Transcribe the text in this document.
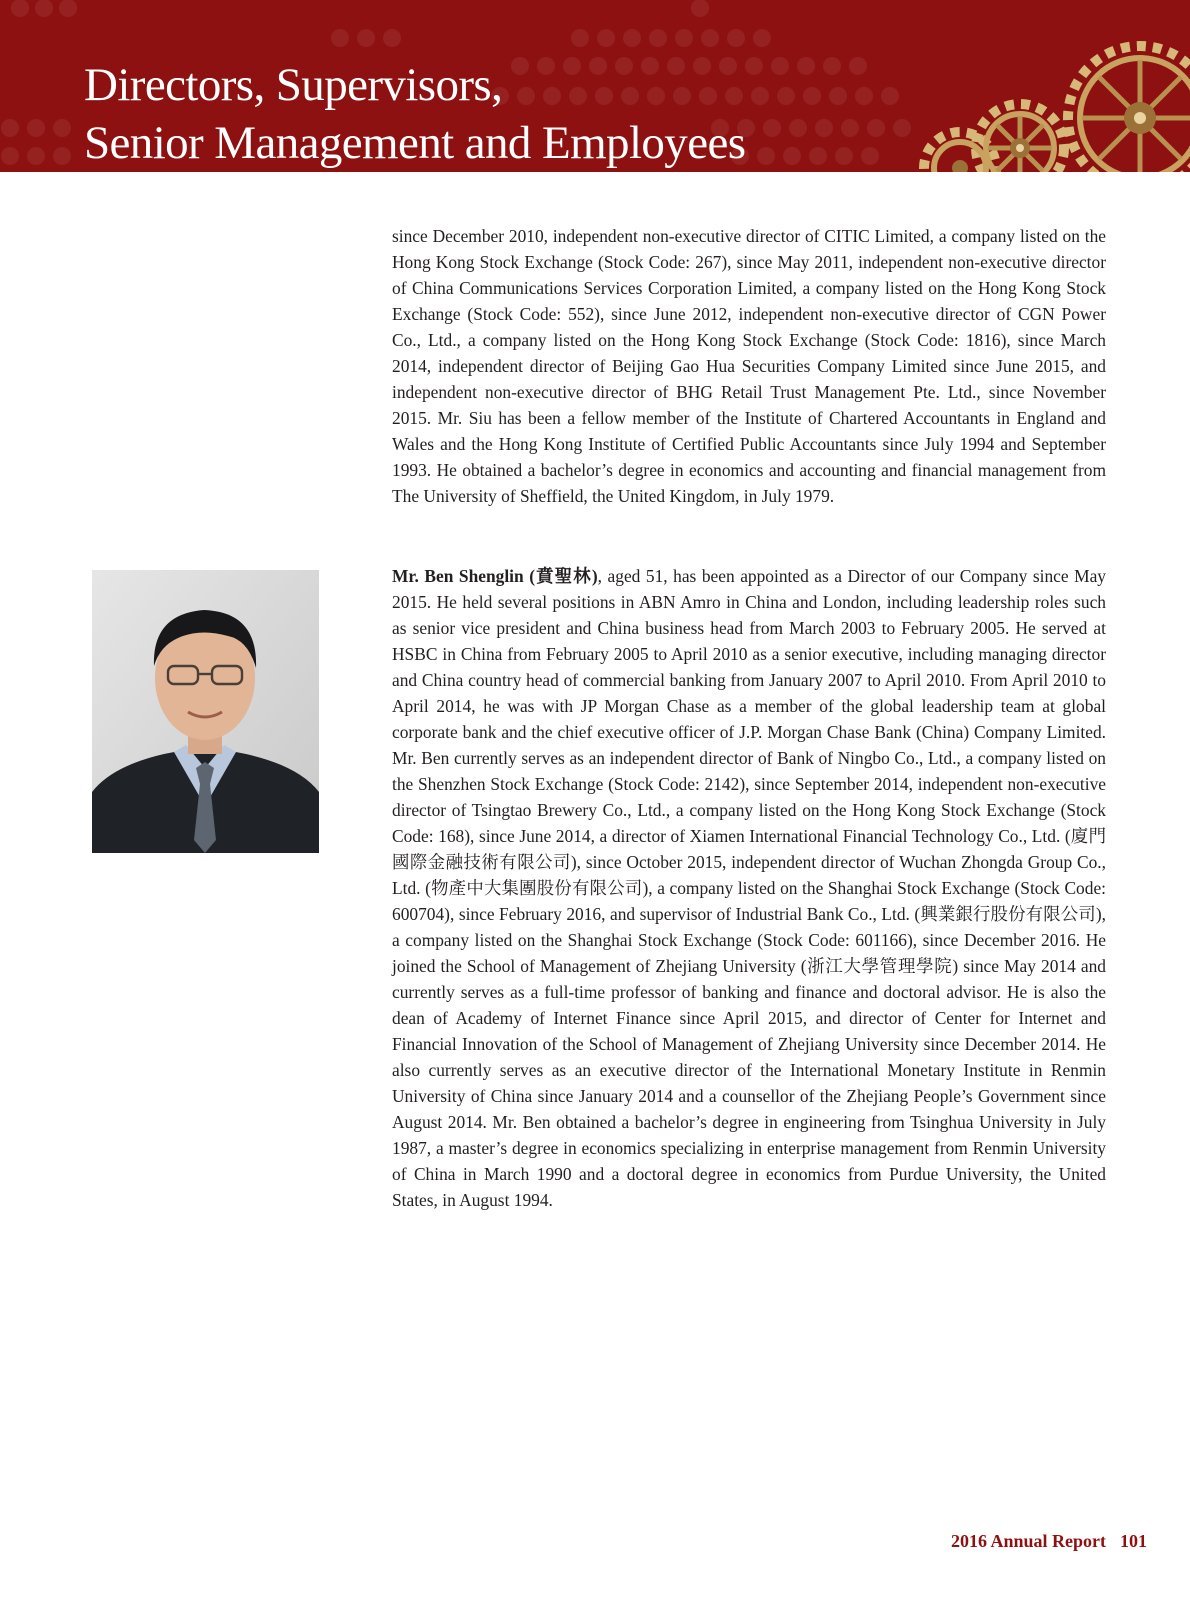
Directors, Supervisors,
Senior Management and Employees

since December 2010, independent non-executive director of CITIC Limited, a company listed on the Hong Kong Stock Exchange (Stock Code: 267), since May 2011, independent non-executive director of China Communications Services Corporation Limited, a company listed on the Hong Kong Stock Exchange (Stock Code: 552), since June 2012, independent non-executive director of CGN Power Co., Ltd., a company listed on the Hong Kong Stock Exchange (Stock Code: 1816), since March 2014, independent director of Beijing Gao Hua Securities Company Limited since June 2015, and independent non-executive director of BHG Retail Trust Management Pte. Ltd., since November 2015. Mr. Siu has been a fellow member of the Institute of Chartered Accountants in England and Wales and the Hong Kong Institute of Certified Public Accountants since July 1994 and September 1993. He obtained a bachelor’s degree in economics and accounting and financial management from The University of Sheffield, the United Kingdom, in July 1979.

Mr. Ben Shenglin (賁聖林), aged 51, has been appointed as a Director of our Company since May 2015. He held several positions in ABN Amro in China and London, including leadership roles such as senior vice president and China business head from March 2003 to February 2005. He served at HSBC in China from February 2005 to April 2010 as a senior executive, including managing director and China country head of commercial banking from January 2007 to April 2010. From April 2010 to April 2014, he was with JP Morgan Chase as a member of the global leadership team at global corporate bank and the chief executive officer of J.P. Morgan Chase Bank (China) Company Limited. Mr. Ben currently serves as an independent director of Bank of Ningbo Co., Ltd., a company listed on the Shenzhen Stock Exchange (Stock Code: 2142), since September 2014, independent non-executive director of Tsingtao Brewery Co., Ltd., a company listed on the Hong Kong Stock Exchange (Stock Code: 168), since June 2014, a director of Xiamen International Financial Technology Co., Ltd. (廈門國際金融技術有限公司), since October 2015, independent director of Wuchan Zhongda Group Co., Ltd. (物產中大集團股份有限公司), a company listed on the Shanghai Stock Exchange (Stock Code: 600704), since February 2016, and supervisor of Industrial Bank Co., Ltd. (興業銀行股份有限公司), a company listed on the Shanghai Stock Exchange (Stock Code: 601166), since December 2016. He joined the School of Management of Zhejiang University (浙江大學管理學院) since May 2014 and currently serves as a full-time professor of banking and finance and doctoral advisor. He is also the dean of Academy of Internet Finance since April 2015, and director of Center for Internet and Financial Innovation of the School of Management of Zhejiang University since December 2014. He also currently serves as an executive director of the International Monetary Institute in Renmin University of China since January 2014 and a counsellor of the Zhejiang People’s Government since August 2014. Mr. Ben obtained a bachelor’s degree in engineering from Tsinghua University in July 1987, a master’s degree in economics specializing in enterprise management from Renmin University of China in March 1990 and a doctoral degree in economics from Purdue University, the United States, in August 1994.

2016 Annual Report 101
